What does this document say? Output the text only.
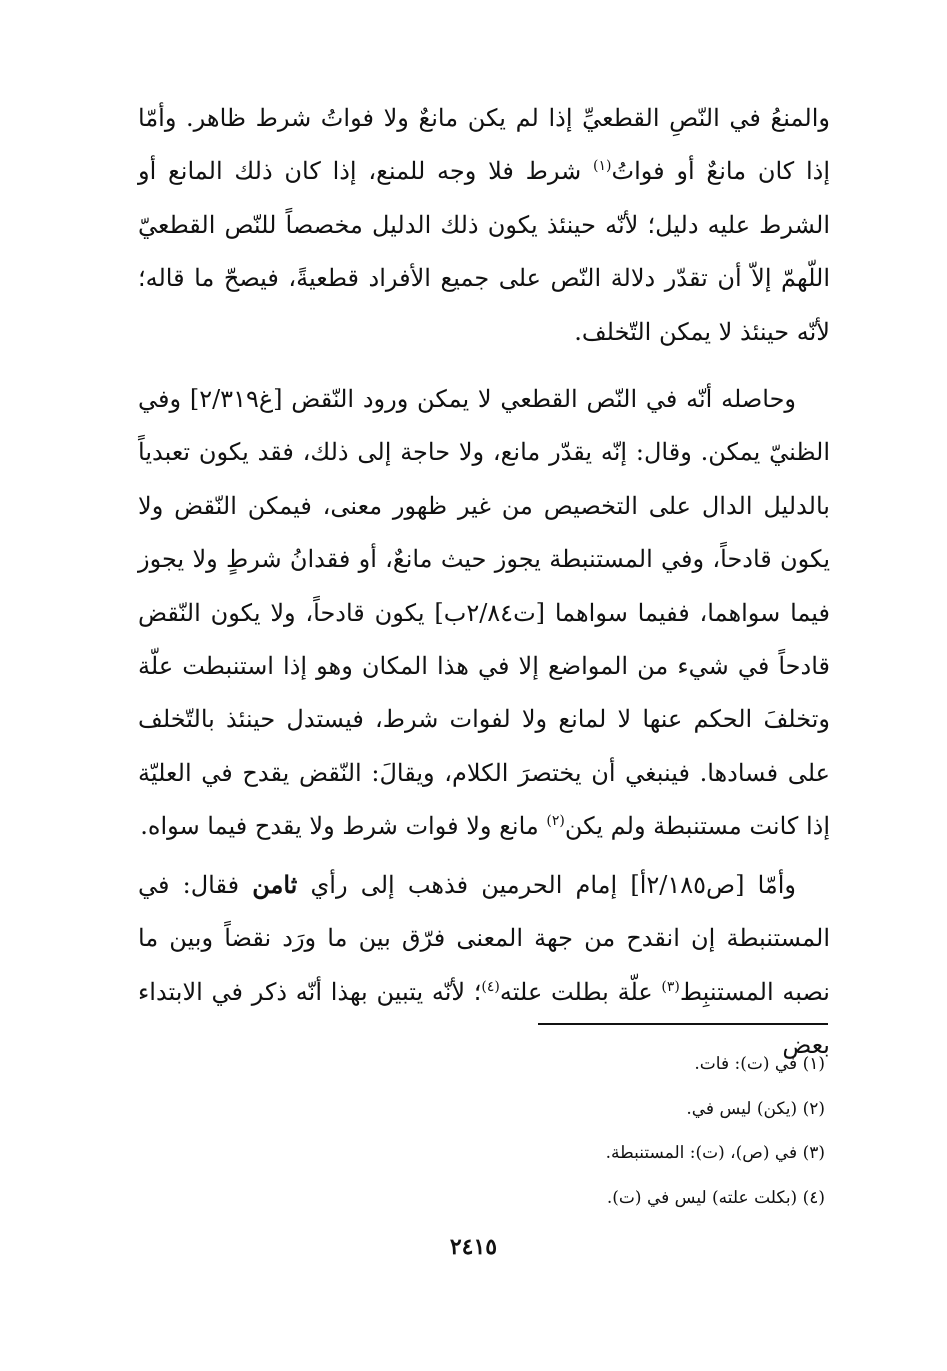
والمنعُ في النّصِ القطعيِّ إذا لم يكن مانعٌ ولا فواتُ شرط ظاهر. وأمّا إذا كان مانعٌ أو فواتُ$^{(١)}$ شرط فلا وجه للمنع، إذا كان ذلك المانع أو الشرط عليه دليل؛ لأنّه حينئذ يكون ذلك الدليل مخصصاً للنّص القطعيّ اللّهمّ إلاّ أن تقدّر دلالة النّص على جميع الأفراد قطعيةً، فيصحّ ما قاله؛ لأنّه حينئذ لا يمكن التّخلف.

وحاصله أنّه في النّص القطعي لا يمكن ورود النّقض [غ٢/٣١٩] وفي الظنيّ يمكن. وقال: إنّه يقدّر مانع، ولا حاجة إلى ذلك، فقد يكون تعبدياً بالدليل الدال على التخصيص من غير ظهور معنى، فيمكن النّقض ولا يكون قادحاً، وفي المستنبطة يجوز حيث مانعٌ، أو فقدانُ شرطٍ ولا يجوز فيما سواهما، ففيما سواهما [ت٢/٨٤ب] يكون قادحاً، ولا يكون النّقض قادحاً في شيء من المواضع إلا في هذا المكان وهو إذا استنبطت علّة وتخلفَ الحكم عنها لا لمانع ولا لفوات شرط، فيستدل حينئذ بالتّخلف على فسادها. فينبغي أن يختصرَ الكلام، ويقالَ: النّقض يقدح في العليّة إذا كانت مستنبطة ولم يكن$^{(٢)}$ مانع ولا فوات شرط ولا يقدح فيما سواه.

وأمّا [ص٢/١٨٥أ] إمام الحرمين فذهب إلى رأي ثامن فقال: في المستنبطة إن انقدح من جهة المعنى فرّق بين ما ورَد نقضاً وبين ما نصبه المستنبِط$^{(٣)}$ علّة بطلت علته$^{(٤)}$؛ لأنّه يتبين بهذا أنّه ذكر في الابتداء بعض

(١) في (ت): فات.
(٢) (يكن) ليس في.
(٣) في (ص)، (ت): المستنبطة.
(٤) (بكلت علته) ليس في (ت).
٢٤١٥
